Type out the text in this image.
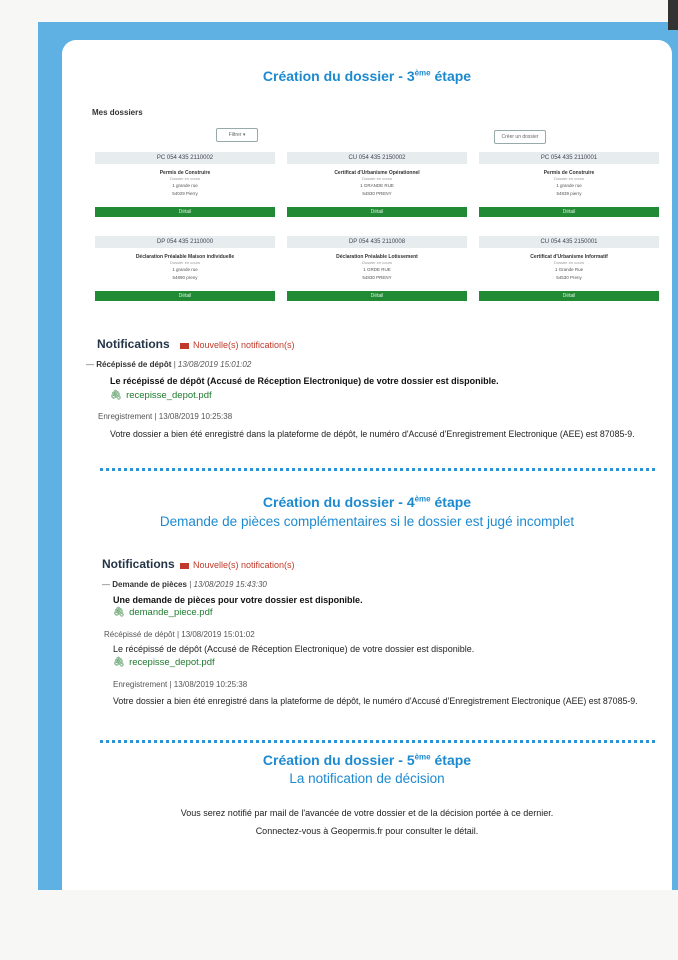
Création du dossier - 3ème étape
Mes dossiers
Filtrer ▾	Créer un dossier
PC 054 435 2110002
Permis de Construire
Dossier en cours
1 grande rue
54029 Pierry
Détail
CU 054 435 2150002
Certificat d'Urbanisme Opérationnel
Dossier en cours
1 GRANDE RUE
54830 PRENY
Détail
PC 054 435 2110001
Permis de Construire
Dossier en cours
1 grande rue
54839 pierry
Détail
DP 054 435 2110000
Déclaration Préalable Maison individuelle
Dossier en cours
1 grande rue
54890 preny
Détail
DP 054 435 2110008
Déclaration Préalable Lotissement
Dossier en cours
1 GRDE RUE
54830 PRENY
Détail
CU 054 435 2150001
Certificat d'Urbanisme Informatif
Dossier en cours
1 Grande Rue
54530 Preny
Détail
Notifications	Nouvelle(s) notification(s)
— Récépissé de dépôt | 13/08/2019 15:01:02
Le récépissé de dépôt (Accusé de Réception Electronique) de votre dossier est disponible.
🖇 recepisse_depot.pdf
Enregistrement | 13/08/2019 10:25:38
Votre dossier a bien été enregistré dans la plateforme de dépôt, le numéro d'Accusé d'Enregistrement Electronique (AEE) est 87085-9.
Création du dossier - 4ème étape
Demande de pièces complémentaires si le dossier est jugé incomplet
Notifications	Nouvelle(s) notification(s)
— Demande de pièces | 13/08/2019 15:43:30
Une demande de pièces pour votre dossier est disponible.
🖇 demande_piece.pdf
Récépissé de dépôt | 13/08/2019 15:01:02
Le récépissé de dépôt (Accusé de Réception Electronique) de votre dossier est disponible.
🖇 recepisse_depot.pdf
Enregistrement | 13/08/2019 10:25:38
Votre dossier a bien été enregistré dans la plateforme de dépôt, le numéro d'Accusé d'Enregistrement Electronique (AEE) est 87085-9.
Création du dossier - 5ème étape
La notification de décision
Vous serez notifié par mail de l'avancée de votre dossier et de la décision portée à ce dernier.
Connectez-vous à Geopermis.fr pour consulter le détail.
